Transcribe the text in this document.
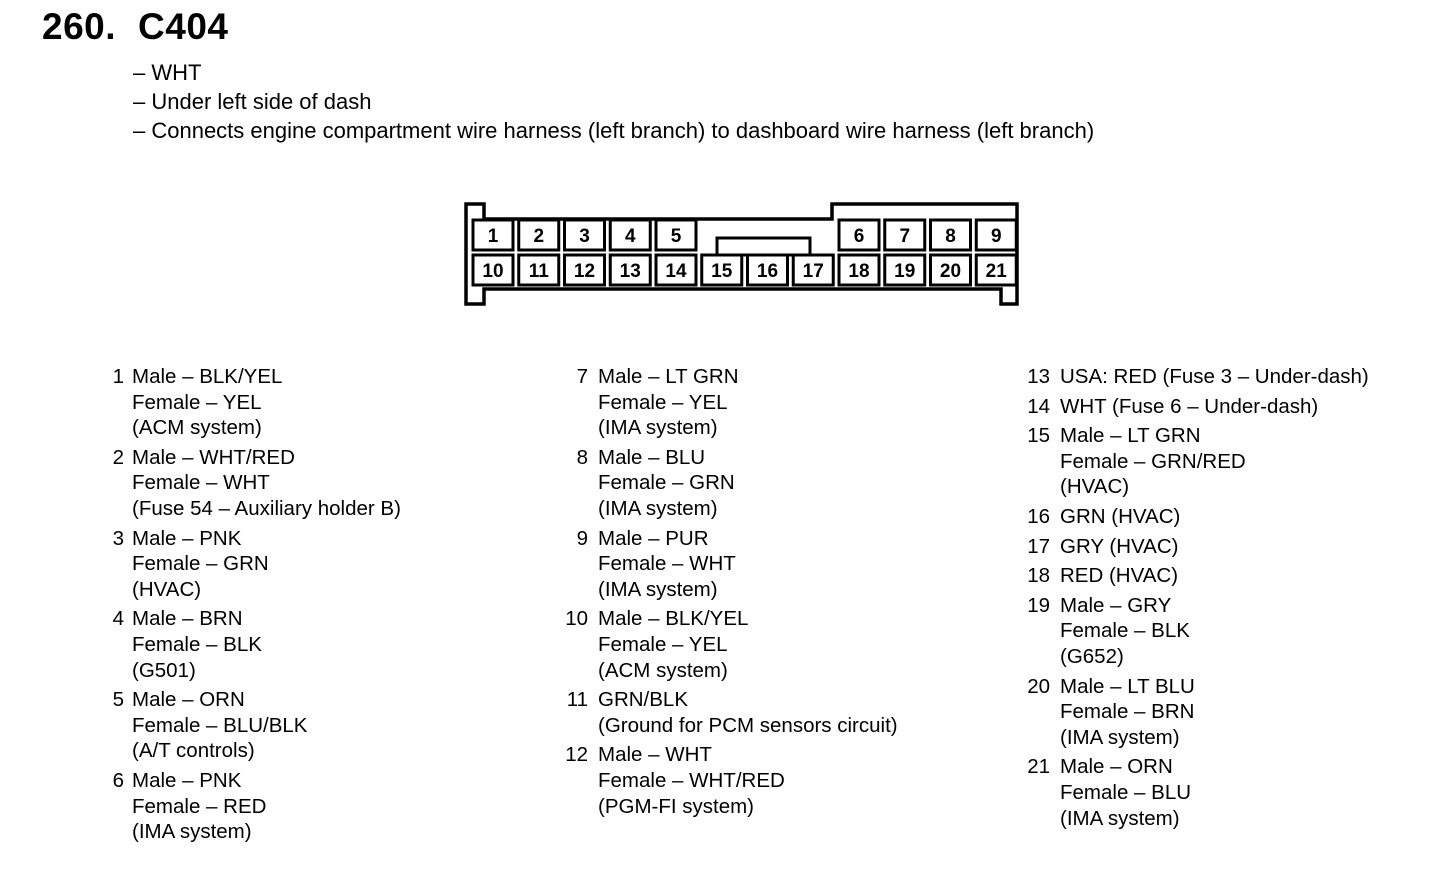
260. C404
– WHT
– Under left side of dash
– Connects engine compartment wire harness (left branch) to dashboard wire harness (left branch)
1 2 3 4 5	6 7 8 9
10 11 12 13 14 15 16 17 18 19 20 21
1 Male – BLK/YEL
Female – YEL
(ACM system)
2 Male – WHT/RED
Female – WHT
(Fuse 54 – Auxiliary holder B)
3 Male – PNK
Female – GRN
(HVAC)
4 Male – BRN
Female – BLK
(G501)
5 Male – ORN
Female – BLU/BLK
(A/T controls)
6 Male – PNK
Female – RED
(IMA system)
7 Male – LT GRN
Female – YEL
(IMA system)
8 Male – BLU
Female – GRN
(IMA system)
9 Male – PUR
Female – WHT
(IMA system)
10 Male – BLK/YEL
Female – YEL
(ACM system)
11 GRN/BLK
(Ground for PCM sensors circuit)
12 Male – WHT
Female – WHT/RED
(PGM-FI system)
13 USA: RED (Fuse 3 – Under-dash)
14 WHT (Fuse 6 – Under-dash)
15 Male – LT GRN
Female – GRN/RED
(HVAC)
16 GRN (HVAC)
17 GRY (HVAC)
18 RED (HVAC)
19 Male – GRY
Female – BLK
(G652)
20 Male – LT BLU
Female – BRN
(IMA system)
21 Male – ORN
Female – BLU
(IMA system)
